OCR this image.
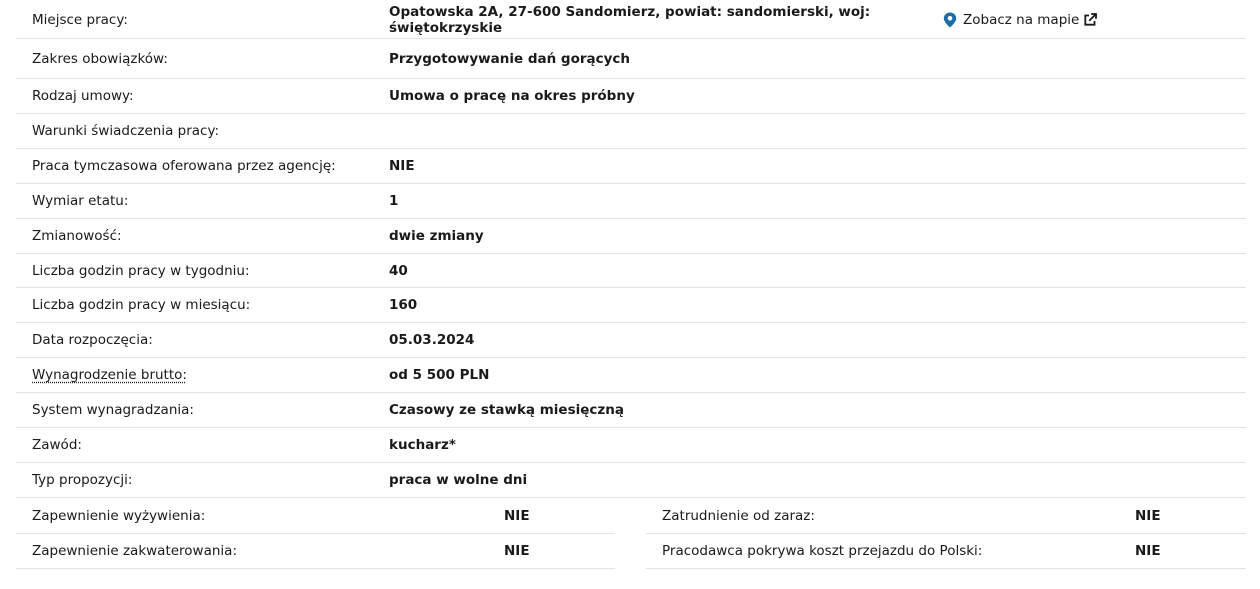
Miejsce pracy:	Opatowska 2A, 27-600 Sandomierz, powiat: sandomierski, woj: świętokrzyskie	Zobacz na mapie
Zakres obowiązków:	Przygotowywanie dań gorących
Rodzaj umowy:	Umowa o pracę na okres próbny
Warunki świadczenia pracy:
Praca tymczasowa oferowana przez agencję:	NIE
Wymiar etatu:	1
Zmianowość:	dwie zmiany
Liczba godzin pracy w tygodniu:	40
Liczba godzin pracy w miesiącu:	160
Data rozpoczęcia:	05.03.2024
Wynagrodzenie brutto:	od 5 500 PLN
System wynagradzania:	Czasowy ze stawką miesięczną
Zawód:	kucharz*
Typ propozycji:	praca w wolne dni
Zapewnienie wyżywienia:	NIE	Zatrudnienie od zaraz:	NIE
Zapewnienie zakwaterowania:	NIE	Pracodawca pokrywa koszt przejazdu do Polski:	NIE
